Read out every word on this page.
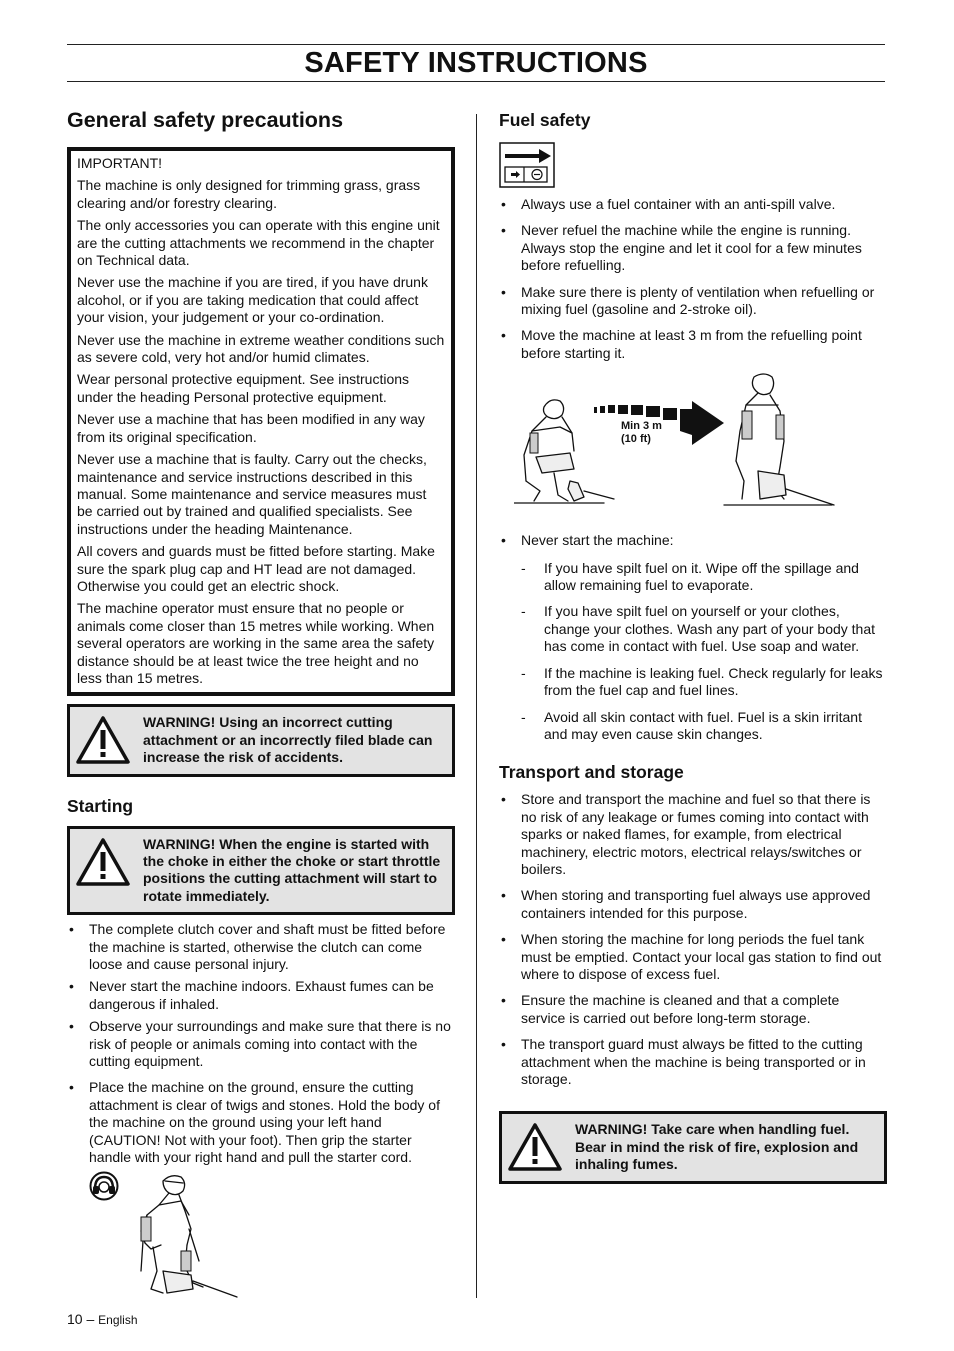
SAFETY INSTRUCTIONS
General safety precautions

IMPORTANT!

The machine is only designed for trimming grass, grass clearing and/or forestry clearing.

The only accessories you can operate with this engine unit are the cutting attachments we recommend in the chapter on Technical data.

Never use the machine if you are tired, if you have drunk alcohol, or if you are taking medication that could affect your vision, your judgement or your co-ordination.

Never use the machine in extreme weather conditions such as severe cold, very hot and/or humid climates.

Wear personal protective equipment. See instructions under the heading Personal protective equipment.

Never use a machine that has been modified in any way from its original specification.

Never use a machine that is faulty. Carry out the checks, maintenance and service instructions described in this manual. Some maintenance and service measures must be carried out by trained and qualified specialists. See instructions under the heading Maintenance.

All covers and guards must be fitted before starting. Make sure the spark plug cap and HT lead are not damaged. Otherwise you could get an electric shock.

The machine operator must ensure that no people or animals come closer than 15 metres while working. When several operators are working in the same area the safety distance should be at least twice the tree height and no less than 15 metres.

WARNING! Using an incorrect cutting attachment or an incorrectly filed blade can increase the risk of accidents.
Starting
WARNING! When the engine is started with the choke in either the choke or start throttle positions the cutting attachment will start to rotate immediately.
• The complete clutch cover and shaft must be fitted before the machine is started, otherwise the clutch can come loose and cause personal injury.
• Never start the machine indoors. Exhaust fumes can be dangerous if inhaled.
• Observe your surroundings and make sure that there is no risk of people or animals coming into contact with the cutting equipment.
• Place the machine on the ground, ensure the cutting attachment is clear of twigs and stones. Hold the body of the machine on the ground using your left hand (CAUTION! Not with your foot). Then grip the starter handle with your right hand and pull the starter cord.
Fuel safety
• Always use a fuel container with an anti-spill valve.
• Never refuel the machine while the engine is running. Always stop the engine and let it cool for a few minutes before refuelling.
• Make sure there is plenty of ventilation when refuelling or mixing fuel (gasoline and 2-stroke oil).
• Move the machine at least 3 m from the refuelling point before starting it.
Min 3 m
(10 ft)
• Never start the machine:
- If you have spilt fuel on it. Wipe off the spillage and allow remaining fuel to evaporate.
- If you have spilt fuel on yourself or your clothes, change your clothes. Wash any part of your body that has come in contact with fuel. Use soap and water.
- If the machine is leaking fuel. Check regularly for leaks from the fuel cap and fuel lines.
- Avoid all skin contact with fuel. Fuel is a skin irritant and may even cause skin changes.
Transport and storage
• Store and transport the machine and fuel so that there is no risk of any leakage or fumes coming into contact with sparks or naked flames, for example, from electrical machinery, electric motors, electrical relays/switches or boilers.
• When storing and transporting fuel always use approved containers intended for this purpose.
• When storing the machine for long periods the fuel tank must be emptied. Contact your local gas station to find out where to dispose of excess fuel.
• Ensure the machine is cleaned and that a complete service is carried out before long-term storage.
• The transport guard must always be fitted to the cutting attachment when the machine is being transported or in storage.
WARNING! Take care when handling fuel. Bear in mind the risk of fire, explosion and inhaling fumes.
10 – English
